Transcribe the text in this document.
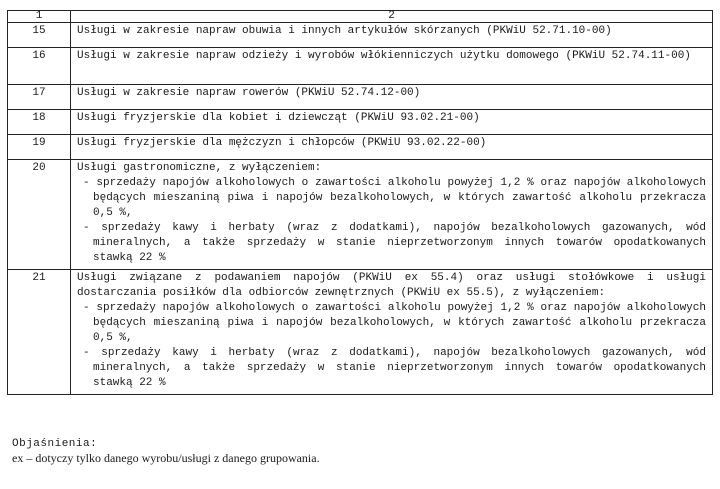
1	2
15	Usługi w zakresie napraw obuwia i innych artykułów skórzanych (PKWiU 52.71.10-00)
16	Usługi w zakresie napraw odzieży i wyrobów włókienniczych użytku domowego (PKWiU 52.74.11-00)
17	Usługi w zakresie napraw rowerów (PKWiU 52.74.12-00)
18	Usługi fryzjerskie dla kobiet i dziewcząt (PKWiU 93.02.21-00)
19	Usługi fryzjerskie dla mężczyzn i chłopców (PKWiU 93.02.22-00)
20	Usługi gastronomiczne, z wyłączeniem:

- sprzedaży napojów alkoholowych o zawartości alkoholu powyżej 1,2 % oraz napojów alkoholowych będących mieszaniną piwa i napojów bezalkoholowych, w których zawartość alkoholu przekracza 0,5 %,

- sprzedaży kawy i herbaty (wraz z dodatkami), napojów bezalkoholowych gazowanych, wód mineralnych, a także sprzedaży w stanie nieprzetworzonym innych towarów opodatkowanych stawką 22 %

21	Usługi związane z podawaniem napojów (PKWiU ex 55.4) oraz usługi stołówkowe i usługi dostarczania posiłków dla odbiorców zewnętrznych (PKWiU ex 55.5), z wyłączeniem:

- sprzedaży napojów alkoholowych o zawartości alkoholu powyżej 1,2 % oraz napojów alkoholowych będących mieszaniną piwa i napojów bezalkoholowych, w których zawartość alkoholu przekracza 0,5 %,

- sprzedaży kawy i herbaty (wraz z dodatkami), napojów bezalkoholowych gazowanych, wód mineralnych, a także sprzedaży w stanie nieprzetworzonym innych towarów opodatkowanych stawką 22 %

Objaśnienia:
ex – dotyczy tylko danego wyrobu/usługi z danego grupowania.
